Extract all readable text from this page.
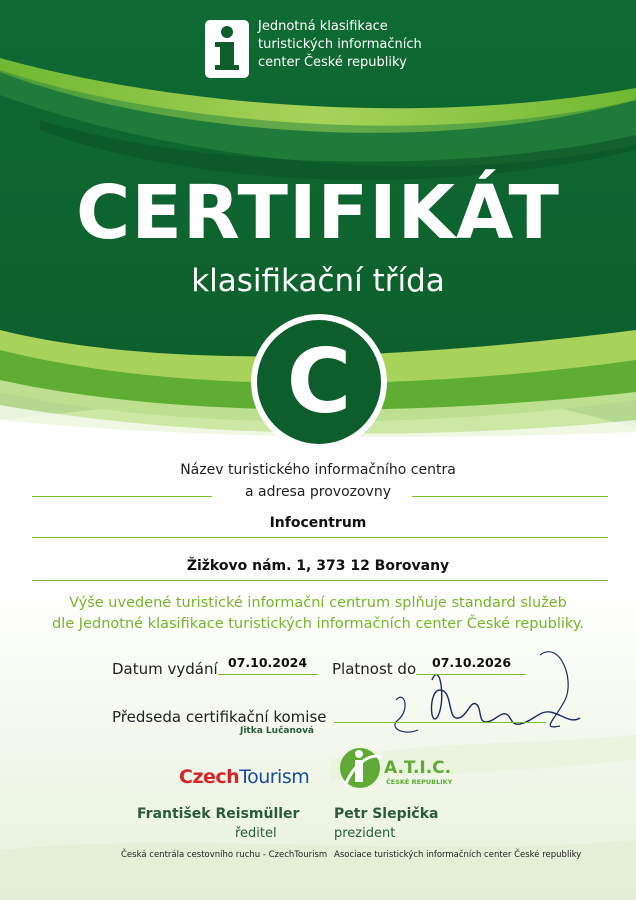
Jednotná klasifikace
turistických informačních
center České republiky
CERTIFIKÁT
klasifikační třída
C
Název turistického informačního centra
a adresa provozovny
Infocentrum
Žižkovo nám. 1, 373 12 Borovany
Výše uvedené turistické informační centrum splňuje standard služeb
dle Jednotné klasifikace turistických informačních center České republiky.
Datum vydání 07.10.2024 Platnost do 07.10.2026
Předseda certifikační komise
Jitka Lučanová
CzechTourism	A.T.I.C.
ČESKÉ REPUBLIKY
František Reismüller
ředitel
Česká centrála cestovního ruchu - CzechTourism
Petr Slepička
prezident
Asociace turistických informačních center České republiky
